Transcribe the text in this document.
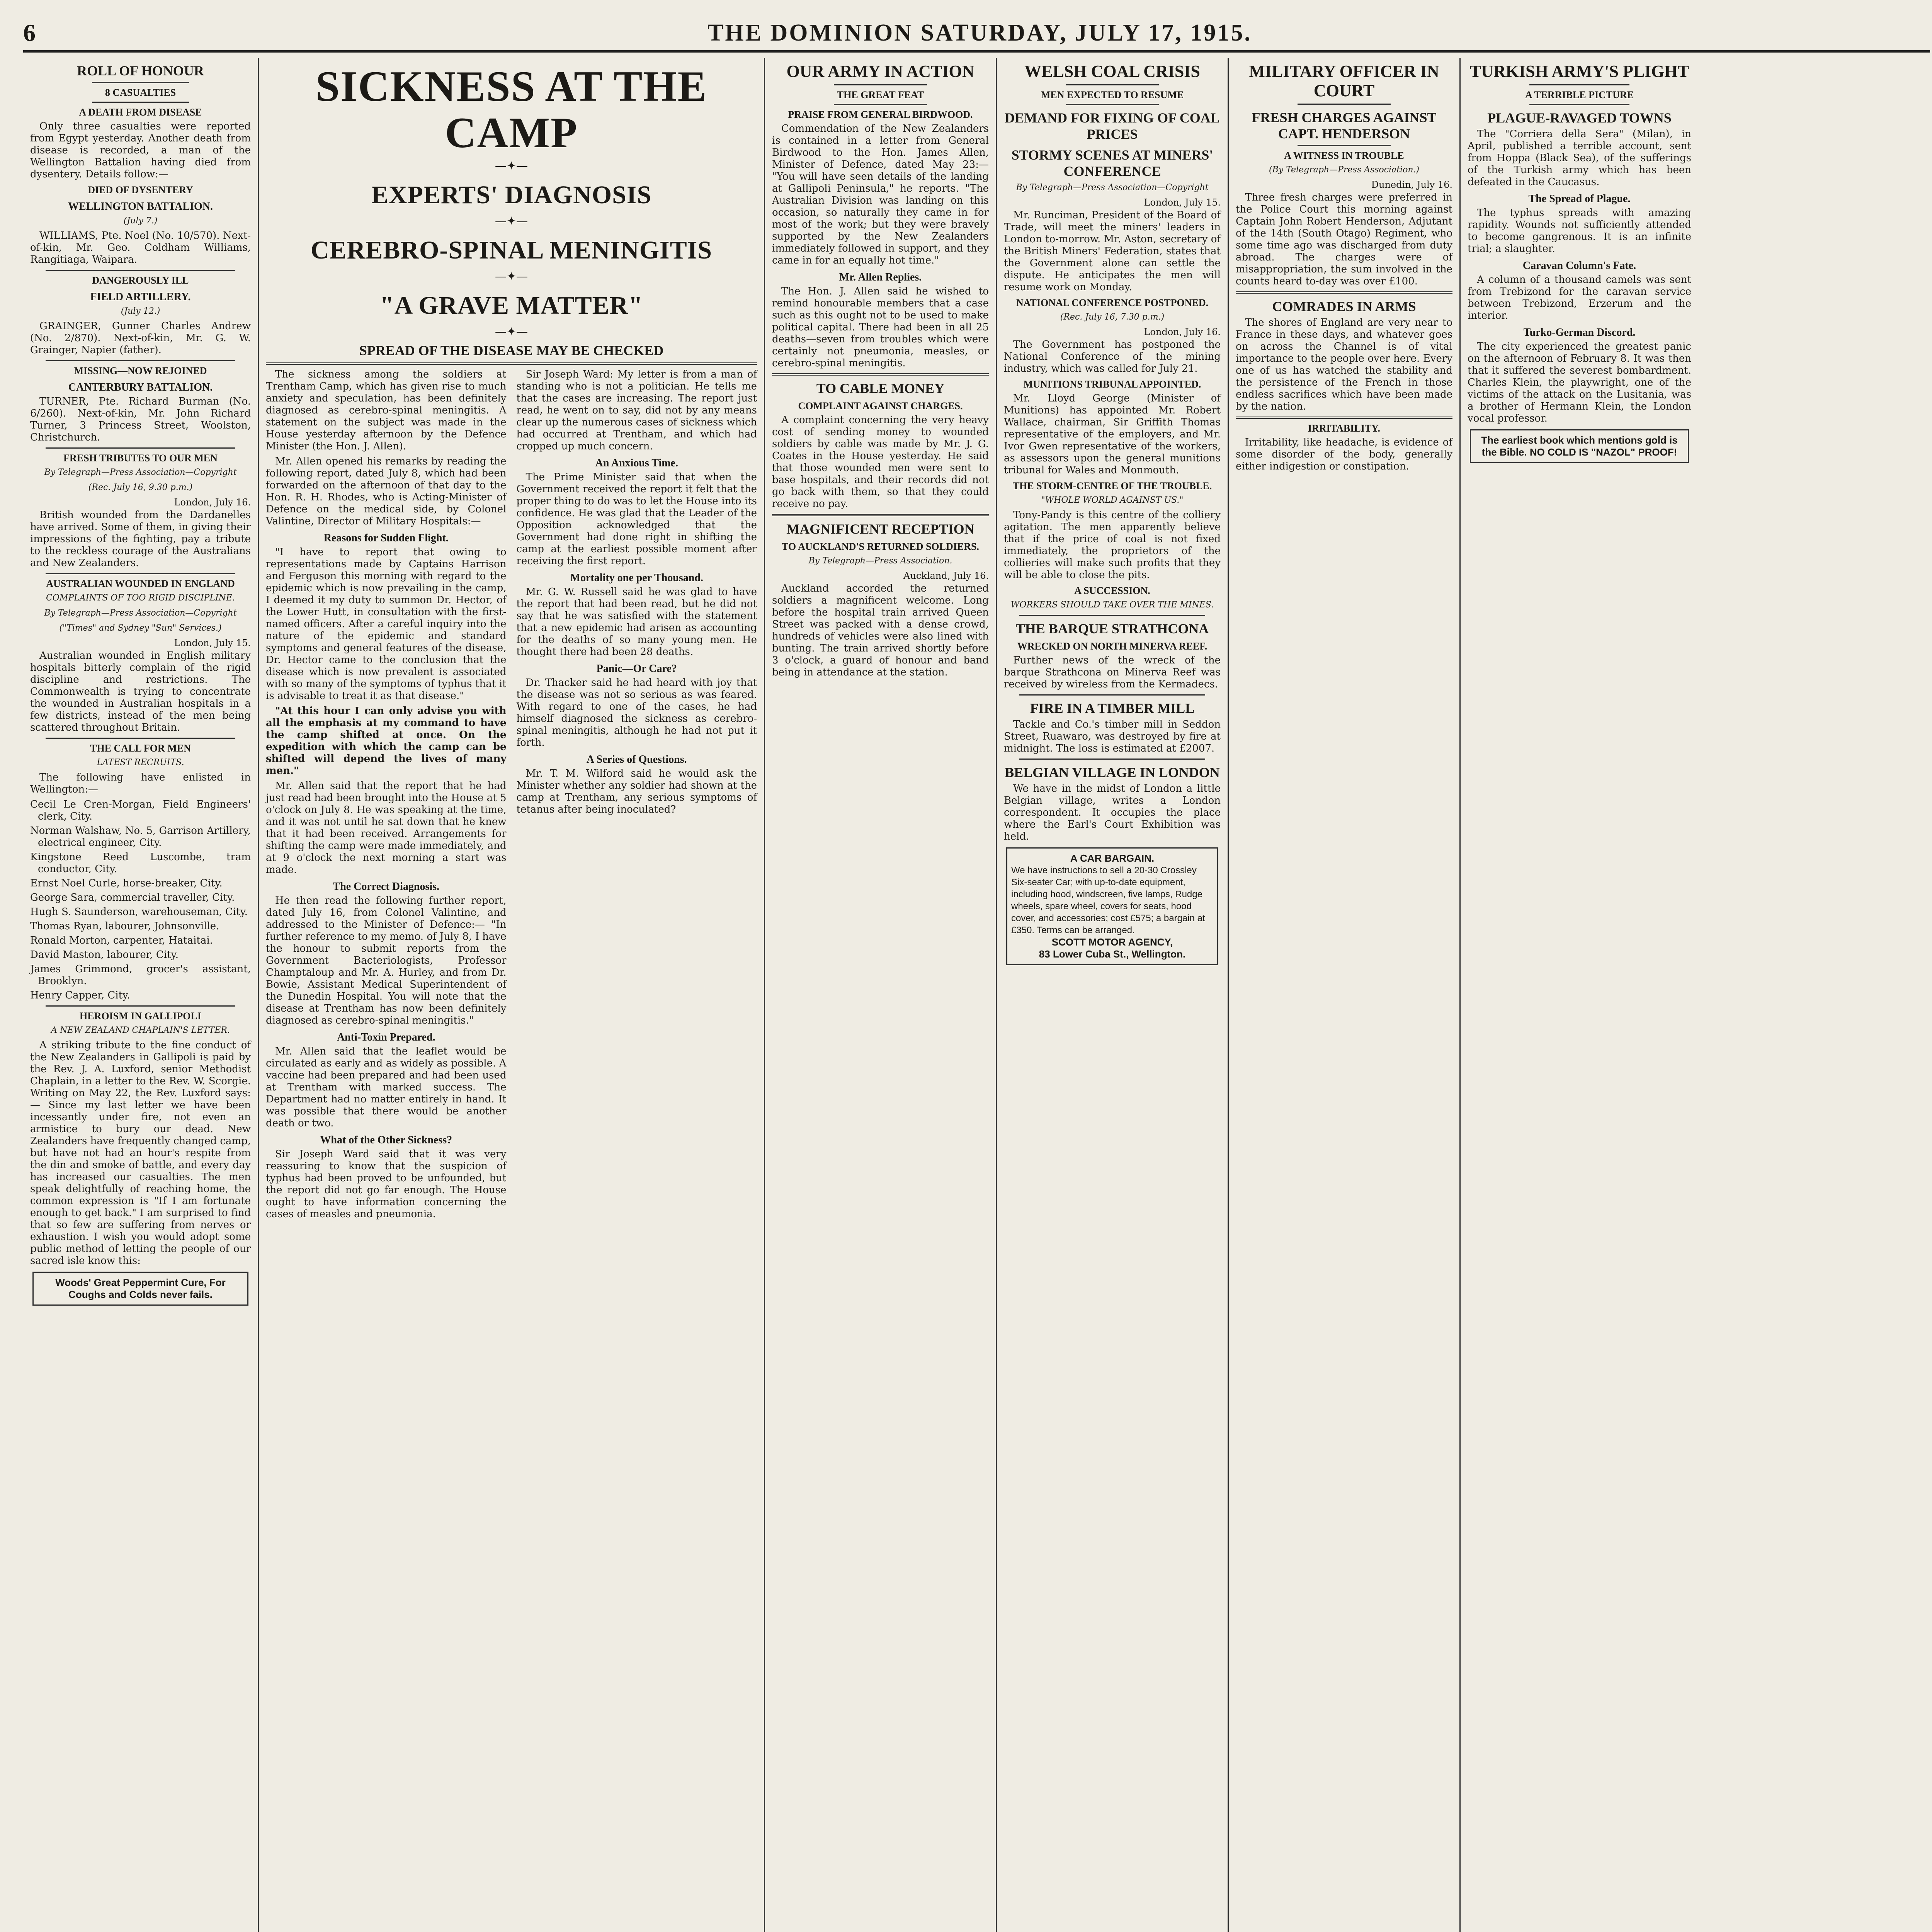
6	THE DOMINION SATURDAY, JULY 17, 1915.

ROLL OF HONOUR
8 CASUALTIES
A DEATH FROM DISEASE

Only three casualties were reported from Egypt yesterday. Another death from disease is recorded, a man of the Wellington Battalion having died from dysentery. Details follow:—

DIED OF DYSENTERY
WELLINGTON BATTALION.
(July 7.)

WILLIAMS, Pte. Noel (No. 10/570). Next-of-kin, Mr. Geo. Coldham Williams, Rangitiaga, Waipara.

DANGEROUSLY ILL
FIELD ARTILLERY.
(July 12.)

GRAINGER, Gunner Charles Andrew (No. 2/870). Next-of-kin, Mr. G. W. Grainger, Napier (father).

MISSING—NOW REJOINED
CANTERBURY BATTALION.

TURNER, Pte. Richard Burman (No. 6/260). Next-of-kin, Mr. John Richard Turner, 3 Princess Street, Woolston, Christchurch.

FRESH TRIBUTES TO OUR MEN
By Telegraph—Press Association—Copyright
(Rec. July 16, 9.30 p.m.)
London, July 16.

British wounded from the Dardanelles have arrived. Some of them, in giving their impressions of the fighting, pay a tribute to the reckless courage of the Australians and New Zealanders.

AUSTRALIAN WOUNDED IN ENGLAND
COMPLAINTS OF TOO RIGID DISCIPLINE.
By Telegraph—Press Association—Copyright
("Times" and Sydney "Sun" Services.)
London, July 15.

Australian wounded in English military hospitals bitterly complain of the rigid discipline and restrictions. The Commonwealth is trying to concentrate the wounded in Australian hospitals in a few districts, instead of the men being scattered throughout Britain.

THE CALL FOR MEN
LATEST RECRUITS.

The following have enlisted in Wellington:—

Cecil Le Cren-Morgan, Field Engineers' clerk, City.
Norman Walshaw, No. 5, Garrison Artillery, electrical engineer, City.
Kingstone Reed Luscombe, tram conductor, City.
Ernst Noel Curle, horse-breaker, City.
George Sara, commercial traveller, City.
Hugh S. Saunderson, warehouseman, City.
Thomas Ryan, labourer, Johnsonville.
Ronald Morton, carpenter, Hataitai.
David Maston, labourer, City.
James Grimmond, grocer's assistant, Brooklyn.
Henry Capper, City.
HEROISM IN GALLIPOLI
A NEW ZEALAND CHAPLAIN'S LETTER.

A striking tribute to the fine conduct of the New Zealanders in Gallipoli is paid by the Rev. J. A. Luxford, senior Methodist Chaplain, in a letter to the Rev. W. Scorgie. Writing on May 22, the Rev. Luxford says:— Since my last letter we have been incessantly under fire, not even an armistice to bury our dead. New Zealanders have frequently changed camp, but have not had an hour's respite from the din and smoke of battle, and every day has increased our casualties. The men speak delightfully of reaching home, the common expression is "If I am fortunate enough to get back." I am surprised to find that so few are suffering from nerves or exhaustion. I wish you would adopt some public method of letting the people of our sacred isle know this:

Woods' Great Peppermint Cure, For Coughs and Colds never fails.
SICKNESS AT THE CAMP
—✦—
EXPERTS' DIAGNOSIS
—✦—
CEREBRO-SPINAL MENINGITIS
—✦—
"A GRAVE MATTER"
—✦—
SPREAD OF THE DISEASE MAY BE CHECKED

The sickness among the soldiers at Trentham Camp, which has given rise to much anxiety and speculation, has been definitely diagnosed as cerebro-spinal meningitis. A statement on the subject was made in the House yesterday afternoon by the Defence Minister (the Hon. J. Allen).

Mr. Allen opened his remarks by reading the following report, dated July 8, which had been forwarded on the afternoon of that day to the Hon. R. H. Rhodes, who is Acting-Minister of Defence on the medical side, by Colonel Valintine, Director of Military Hospitals:—

Reasons for Sudden Flight.

"I have to report that owing to representations made by Captains Harrison and Ferguson this morning with regard to the epidemic which is now prevailing in the camp, I deemed it my duty to summon Dr. Hector, of the Lower Hutt, in consultation with the first-named officers. After a careful inquiry into the nature of the epidemic and standard symptoms and general features of the disease, Dr. Hector came to the conclusion that the disease which is now prevalent is associated with so many of the symptoms of typhus that it is advisable to treat it as that disease."

"At this hour I can only advise you with all the emphasis at my command to have the camp shifted at once. On the expedition with which the camp can be shifted will depend the lives of many men."

Mr. Allen said that the report that he had just read had been brought into the House at 5 o'clock on July 8. He was speaking at the time, and it was not until he sat down that he knew that it had been received. Arrangements for shifting the camp were made immediately, and at 9 o'clock the next morning a start was made.

The Correct Diagnosis.

He then read the following further report, dated July 16, from Colonel Valintine, and addressed to the Minister of Defence:— "In further reference to my memo. of July 8, I have the honour to submit reports from the Government Bacteriologists, Professor Champtaloup and Mr. A. Hurley, and from Dr. Bowie, Assistant Medical Superintendent of the Dunedin Hospital. You will note that the disease at Trentham has now been definitely diagnosed as cerebro-spinal meningitis."

Anti-Toxin Prepared.

Mr. Allen said that the leaflet would be circulated as early and as widely as possible. A vaccine had been prepared and had been used at Trentham with marked success. The Department had no matter entirely in hand. It was possible that there would be another death or two.

What of the Other Sickness?

Sir Joseph Ward said that it was very reassuring to know that the suspicion of typhus had been proved to be unfounded, but the report did not go far enough. The House ought to have information concerning the cases of measles and pneumonia.

Sir Joseph Ward: My letter is from a man of standing who is not a politician. He tells me that the cases are increasing. The report just read, he went on to say, did not by any means clear up the numerous cases of sickness which had occurred at Trentham, and which had cropped up much concern.

An Anxious Time.

The Prime Minister said that when the Government received the report it felt that the proper thing to do was to let the House into its confidence. He was glad that the Leader of the Opposition acknowledged that the Government had done right in shifting the camp at the earliest possible moment after receiving the first report.

Mortality one per Thousand.

Mr. G. W. Russell said he was glad to have the report that had been read, but he did not say that he was satisfied with the statement that a new epidemic had arisen as accounting for the deaths of so many young men. He thought there had been 28 deaths.

Panic—Or Care?

Dr. Thacker said he had heard with joy that the disease was not so serious as was feared. With regard to one of the cases, he had himself diagnosed the sickness as cerebro-spinal meningitis, although he had not put it forth.

A Series of Questions.

Mr. T. M. Wilford said he would ask the Minister whether any soldier had shown at the camp at Trentham, any serious symptoms of tetanus after being inoculated?

OUR ARMY IN ACTION
THE GREAT FEAT
PRAISE FROM GENERAL BIRDWOOD.

Commendation of the New Zealanders is contained in a letter from General Birdwood to the Hon. James Allen, Minister of Defence, dated May 23:— "You will have seen details of the landing at Gallipoli Peninsula," he reports. "The Australian Division was landing on this occasion, so naturally they came in for most of the work; but they were bravely supported by the New Zealanders immediately followed in support, and they came in for an equally hot time."

Mr. Allen Replies.

The Hon. J. Allen said he wished to remind honourable members that a case such as this ought not to be used to make political capital. There had been in all 25 deaths—seven from troubles which were certainly not pneumonia, measles, or cerebro-spinal meningitis.

TO CABLE MONEY
COMPLAINT AGAINST CHARGES.

A complaint concerning the very heavy cost of sending money to wounded soldiers by cable was made by Mr. J. G. Coates in the House yesterday. He said that those wounded men were sent to base hospitals, and their records did not go back with them, so that they could receive no pay.

MAGNIFICENT RECEPTION
TO AUCKLAND'S RETURNED SOLDIERS.
By Telegraph—Press Association.
Auckland, July 16.

Auckland accorded the returned soldiers a magnificent welcome. Long before the hospital train arrived Queen Street was packed with a dense crowd, hundreds of vehicles were also lined with bunting. The train arrived shortly before 3 o'clock, a guard of honour and band being in attendance at the station.

WELSH COAL CRISIS
MEN EXPECTED TO RESUME
DEMAND FOR FIXING OF COAL PRICES
STORMY SCENES AT MINERS' CONFERENCE
By Telegraph—Press Association—Copyright
London, July 15.

Mr. Runciman, President of the Board of Trade, will meet the miners' leaders in London to-morrow. Mr. Aston, secretary of the British Miners' Federation, states that the Government alone can settle the dispute. He anticipates the men will resume work on Monday.

NATIONAL CONFERENCE POSTPONED.
(Rec. July 16, 7.30 p.m.)
London, July 16.

The Government has postponed the National Conference of the mining industry, which was called for July 21.

MUNITIONS TRIBUNAL APPOINTED.

Mr. Lloyd George (Minister of Munitions) has appointed Mr. Robert Wallace, chairman, Sir Griffith Thomas representative of the employers, and Mr. Ivor Gwen representative of the workers, as assessors upon the general munitions tribunal for Wales and Monmouth.

THE STORM-CENTRE OF THE TROUBLE.
"WHOLE WORLD AGAINST US."

Tony-Pandy is this centre of the colliery agitation. The men apparently believe that if the price of coal is not fixed immediately, the proprietors of the collieries will make such profits that they will be able to close the pits.

A SUCCESSION.
WORKERS SHOULD TAKE OVER THE MINES.
THE BARQUE STRATHCONA
WRECKED ON NORTH MINERVA REEF.

Further news of the wreck of the barque Strathcona on Minerva Reef was received by wireless from the Kermadecs.

FIRE IN A TIMBER MILL

Tackle and Co.'s timber mill in Seddon Street, Ruawaro, was destroyed by fire at midnight. The loss is estimated at £2007.

BELGIAN VILLAGE IN LONDON

We have in the midst of London a little Belgian village, writes a London correspondent. It occupies the place where the Earl's Court Exhibition was held.

A CAR BARGAIN.
We have instructions to sell a 20-30 Crossley Six-seater Car; with up-to-date equipment, including hood, windscreen, five lamps, Rudge wheels, spare wheel, covers for seats, hood cover, and accessories; cost £575; a bargain at £350. Terms can be arranged.
SCOTT MOTOR AGENCY,
83 Lower Cuba St., Wellington.
MILITARY OFFICER IN COURT
FRESH CHARGES AGAINST CAPT. HENDERSON
A WITNESS IN TROUBLE
(By Telegraph—Press Association.)
Dunedin, July 16.

Three fresh charges were preferred in the Police Court this morning against Captain John Robert Henderson, Adjutant of the 14th (South Otago) Regiment, who some time ago was discharged from duty abroad. The charges were of misappropriation, the sum involved in the counts heard to-day was over £100.

COMRADES IN ARMS

The shores of England are very near to France in these days, and whatever goes on across the Channel is of vital importance to the people over here. Every one of us has watched the stability and the persistence of the French in those endless sacrifices which have been made by the nation.

IRRITABILITY.

Irritability, like headache, is evidence of some disorder of the body, generally either indigestion or constipation.

TURKISH ARMY'S PLIGHT
A TERRIBLE PICTURE
PLAGUE-RAVAGED TOWNS

The "Corriera della Sera" (Milan), in April, published a terrible account, sent from Hoppa (Black Sea), of the sufferings of the Turkish army which has been defeated in the Caucasus.

The Spread of Plague.

The typhus spreads with amazing rapidity. Wounds not sufficiently attended to become gangrenous. It is an infinite trial; a slaughter.

Caravan Column's Fate.

A column of a thousand camels was sent from Trebizond for the caravan service between Trebizond, Erzerum and the interior.

Turko-German Discord.

The city experienced the greatest panic on the afternoon of February 8. It was then that it suffered the severest bombardment. Charles Klein, the playwright, one of the victims of the attack on the Lusitania, was a brother of Hermann Klein, the London vocal professor.

The earliest book which mentions gold is the Bible. NO COLD IS "NAZOL" PROOF!
